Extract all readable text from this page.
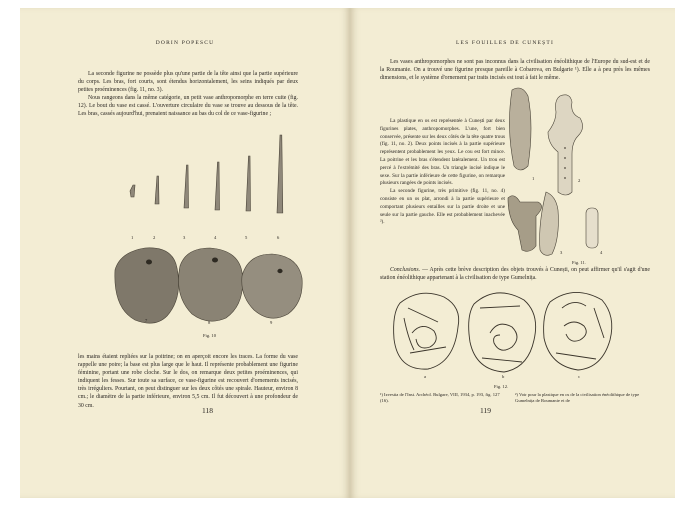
DORIN POPESCU

La seconde figurine ne possède plus qu'une partie de la tête ainsi que la partie supérieure du corps. Les bras, fort courts, sont étendus horizontalement, les seins indiqués par deux petites proéminences (fig. 11, no. 3).

Nous rangeons dans la même catégorie, un petit vase anthropomorphe en terre cuite (fig. 12). Le bout du vase est cassé. L'ouverture circulaire du vase se trouve au dessous de la tête. Les bras, cassés aujourd'hui, prenaient naissance au bas du col de ce vase-figurine ;

1	2	3	4	5	6
7	8	9
Fig. 10

les mains étaient repliées sur la poitrine; on en aperçoit encore les traces. La forme du vase rappelle une poire; la base est plus large que le haut. Il représente probablement une figurine féminine, portant une robe cloche. Sur le dos, on remarque deux petites proéminences, qui indiquent les fesses. Sur toute sa surface, ce vase-figurine est recouvert d'ornements incisés, très irréguliers. Pourtant, on peut distinguer sur les deux côtés une spirale. Hauteur, environ 8 cm.; le diamètre de la partie inférieure, environ 5,5 cm. Il fut découvert à une profondeur de 30 cm.

118
LES FOUILLES DE CUNEȘTI

Les vases anthropomorphes ne sont pas inconnus dans la civilisation énéolithique de l'Europe du sud-est et de la Roumanie. On a trouvé une figurine presque pareille à Cobarova, en Bulgarie ¹). Elle a à peu près les mêmes dimensions, et le système d'ornement par traits incisés est tout à fait le même.

La plastique en os est représentée à Cunești par deux figurines plates, anthropomorphes. L'une, fort bien conservée, présente sur les deux côtés de la tête quatre trous (fig. 11, no. 2). Deux points incisés à la partie supérieure représentent probablement les yeux. Le cou est fort mince. La poitrine et les bras s'étendent latéralement. Un trou est percé à l'extrémité des bras. Un triangle incisé indique le sexe. Sur la partie inférieure de cette figurine, on remarque plusieurs rangées de points incisés.

La seconde figurine, très primitive (fig. 11, no. 4) consiste en un os plat, arrondi à la partie supérieure et comportant plusieurs entailles sur la partie droite et une seule sur la partie gauche. Elle est probablement inachevée ²).

1	2
3	4
Fig. 11.

Conclusions. — Après cette brève description des objets trouvés à Cunești, on peut affirmer qu'il s'agit d'une station énéolithique appartenant à la civilisation de type Gumelnița.

a	b	c
Fig. 12.
¹) Izvestia de l'Inst. Archéol. Bulgare, VIII, 1934, p. 193, fig. 127 (16).
²) Voir pour la plastique en os de la civilisation énéolithique de type Gumelnița de Roumanie et de
119
